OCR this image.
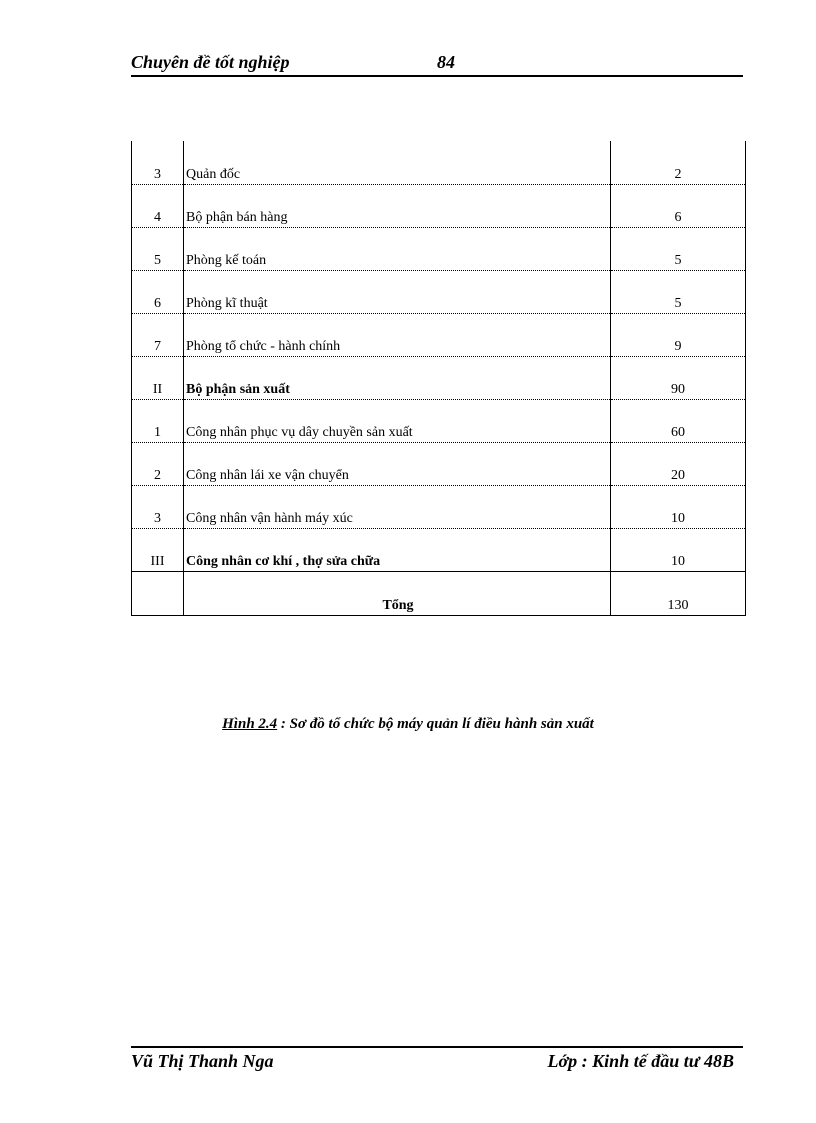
Chuyên đề tốt nghiệp	84
3	Quản đốc	2
4	Bộ phận bán hàng	6
5	Phòng kế toán	5
6	Phòng kĩ thuật	5
7	Phòng tổ chức - hành chính	9
II	Bộ phận sản xuất	90
1	Công nhân phục vụ dây chuyền sản xuất	60
2	Công nhân lái xe vận chuyển	20
3	Công nhân vận hành máy xúc	10
III	Công nhân cơ khí , thợ sửa chữa	10
	Tổng	130
Hình 2.4 : Sơ đồ tổ chức bộ máy quản lí điều hành sản xuất
Vũ Thị Thanh Nga	Lớp : Kinh tế đầu tư 48B
